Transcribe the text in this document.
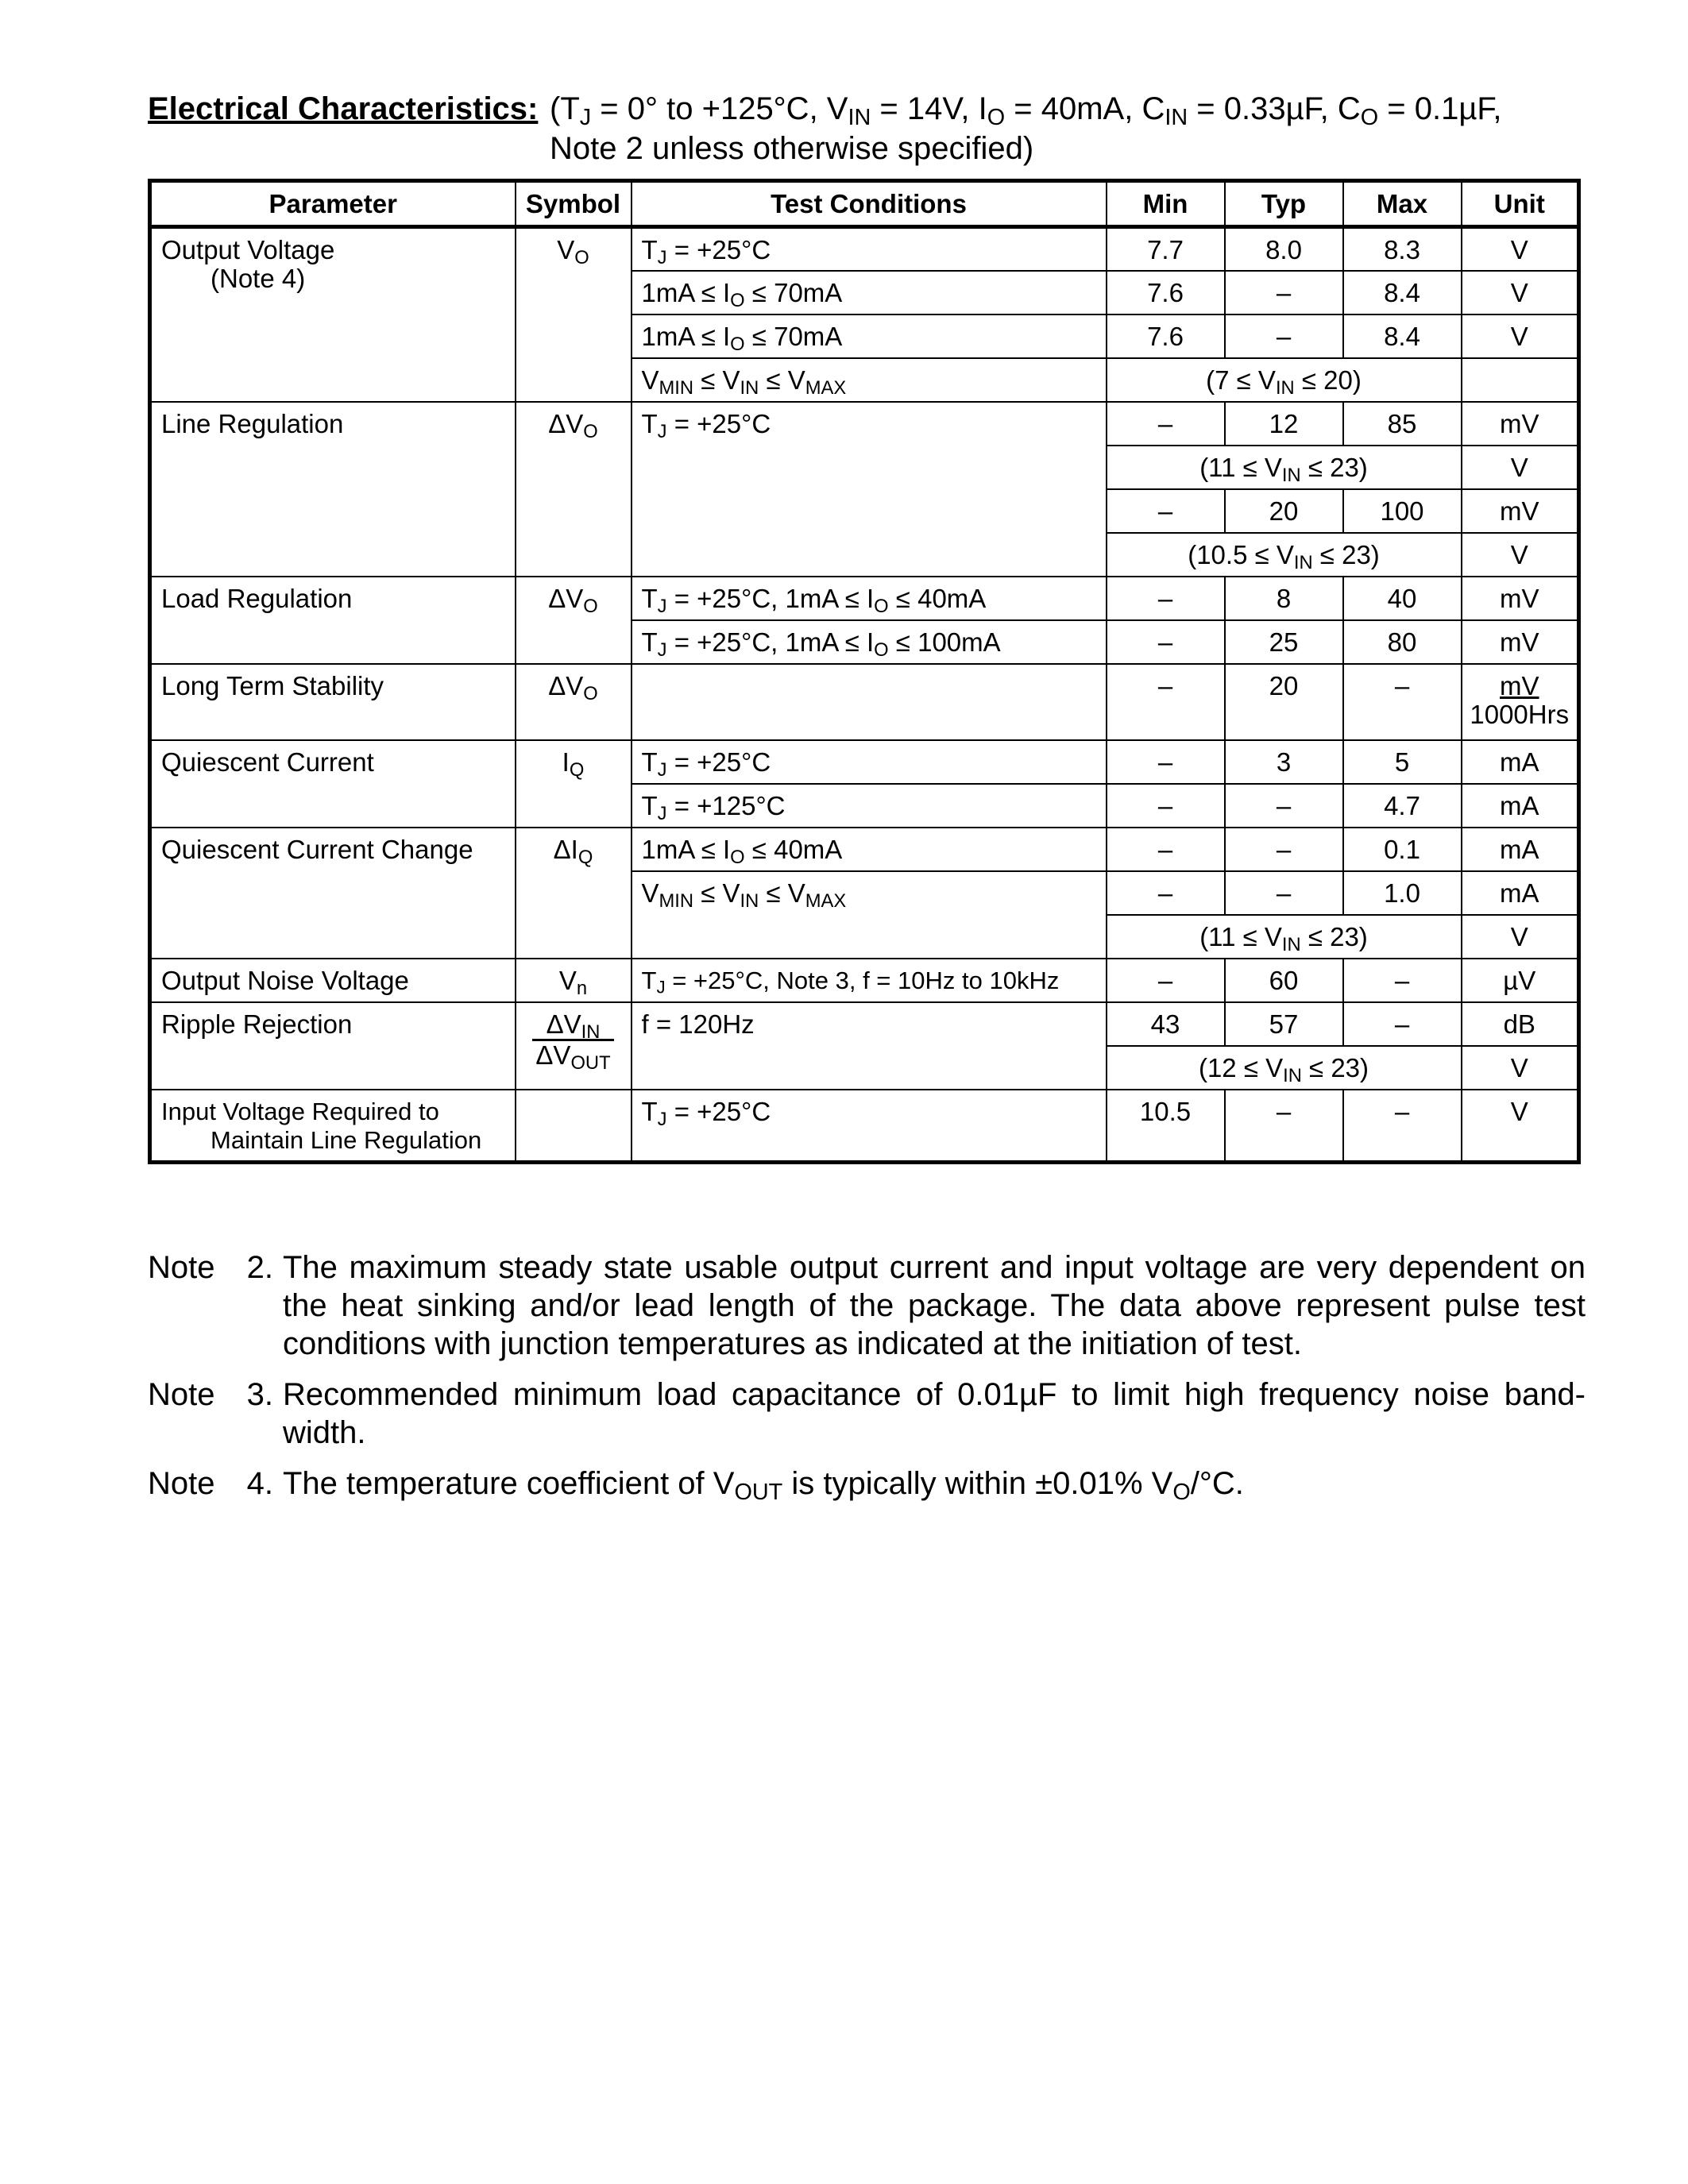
Electrical Characteristics: ($T_J = 0^\circ$ to +125°C, $V_{IN} = 14V$, $I_O = 40mA$, $C_{IN} = 0.33\mu F$, $C_O = 0.1\mu F$,
Note 2 unless otherwise specified)
Parameter	Symbol	Test Conditions	Min	Typ	Max	Unit
Output Voltage
(Note 4)	$V_O$	$T_J = +25^\circ C$	7.7	8.0	8.3	V
		$1mA \le I_O \le 70mA$	7.6	–	8.4	V
		$1mA \le I_O \le 70mA$	7.6	–	8.4	V
		$V_{MIN} \le V_{IN} \le V_{MAX}$	$(7 \le V_{IN} \le 20)$			
Line Regulation	$\Delta V_O$	$T_J = +25^\circ C$	–	12	85	mV
			$(11 \le V_{IN} \le 23)$			V
			–	20	100	mV
			$(10.5 \le V_{IN} \le 23)$			V
Load Regulation	$\Delta V_O$	$T_J = +25^\circ C$, $1mA \le I_O \le 40mA$	–	8	40	mV
		$T_J = +25^\circ C$, $1mA \le I_O \le 100mA$	–	25	80	mV
Long Term Stability	$\Delta V_O$		–	20	–	mV
1000Hrs
Quiescent Current	$I_Q$	$T_J = +25^\circ C$	–	3	5	mA
		$T_J = +125^\circ C$	–	–	4.7	mA
Quiescent Current Change	$\Delta I_Q$	$1mA \le I_O \le 40mA$	–	–	0.1	mA
		$V_{MIN} \le V_{IN} \le V_{MAX}$	–	–	1.0	mA
			$(11 \le V_{IN} \le 23)$			V
Output Noise Voltage	$V_n$	$T_J = +25^\circ C$, Note 3, f = 10Hz to 10kHz	–	60	–	µV
Ripple Rejection	$\frac{\Delta V_{IN}}{\Delta V_{OUT}}$	f = 120Hz	43	57	–	dB
			$(12 \le V_{IN} \le 23)$			V
Input Voltage Required to
Maintain Line Regulation		$T_J = +25^\circ C$	10.5	–	–	V
Note	2. The maximum steady state usable output current and input voltage are very dependent on the heat sinking and/or lead length of the package. The data above represent pulse test conditions with junction temperatures as indicated at the initiation of test.
Note	3. Recommended minimum load capacitance of 0.01µF to limit high frequency noise band-width.
Note	4. The temperature coefficient of $V_{OUT}$ is typically within ±0.01% $V_O/^\circ C$.
